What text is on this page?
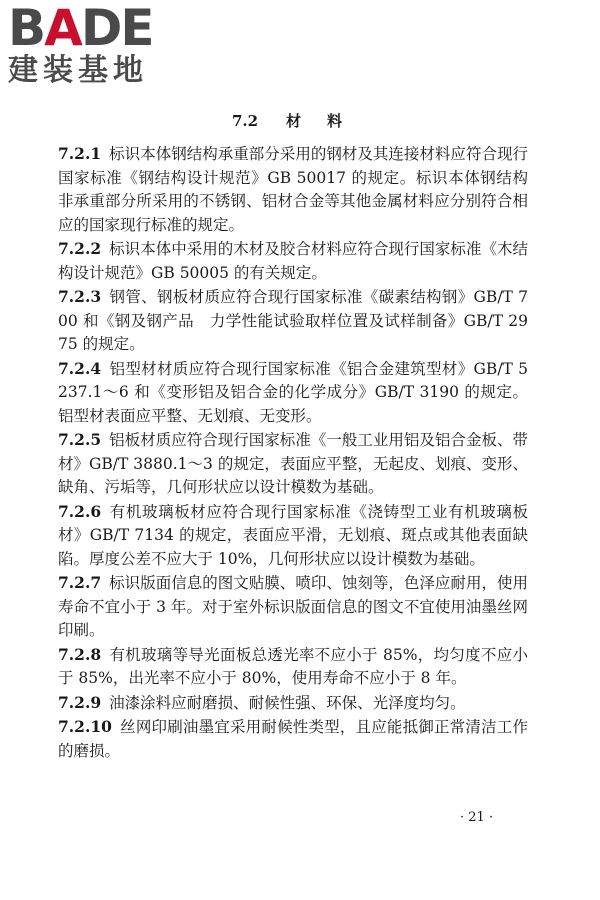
BADE
建装基地
7.2 材料

7.2.1 标识本体钢结构承重部分采用的钢材及其连接材料应符合现行国家标准《钢结构设计规范》GB 50017 的规定。标识本体钢结构非承重部分所采用的不锈钢、铝材合金等其他金属材料应分别符合相应的国家现行标准的规定。

7.2.2 标识本体中采用的木材及胶合材料应符合现行国家标准《木结构设计规范》GB 50005 的有关规定。

7.2.3 钢管、钢板材质应符合现行国家标准《碳素结构钢》GB/T 700 和《钢及钢产品　力学性能试验取样位置及试样制备》GB/T 2975 的规定。

7.2.4 铝型材材质应符合现行国家标准《铝合金建筑型材》GB/T 5237.1～6 和《变形铝及铝合金的化学成分》GB/T 3190 的规定。铝型材表面应平整、无划痕、无变形。

7.2.5 铝板材质应符合现行国家标准《一般工业用铝及铝合金板、带材》GB/T 3880.1～3 的规定，表面应平整，无起皮、划痕、变形、缺角、污垢等，几何形状应以设计模数为基础。

7.2.6 有机玻璃板材应符合现行国家标准《浇铸型工业有机玻璃板材》GB/T 7134 的规定，表面应平滑，无划痕、斑点或其他表面缺陷。厚度公差不应大于 10%，几何形状应以设计模数为基础。

7.2.7 标识版面信息的图文贴膜、喷印、蚀刻等，色泽应耐用，使用寿命不宜小于 3 年。对于室外标识版面信息的图文不宜使用油墨丝网印刷。

7.2.8 有机玻璃等导光面板总透光率不应小于 85%，均匀度不应小于 85%，出光率不应小于 80%，使用寿命不应小于 8 年。

7.2.9 油漆涂料应耐磨损、耐候性强、环保、光泽度均匀。

7.2.10 丝网印刷油墨宜采用耐候性类型，且应能抵御正常清洁工作的磨损。

· 21 ·
